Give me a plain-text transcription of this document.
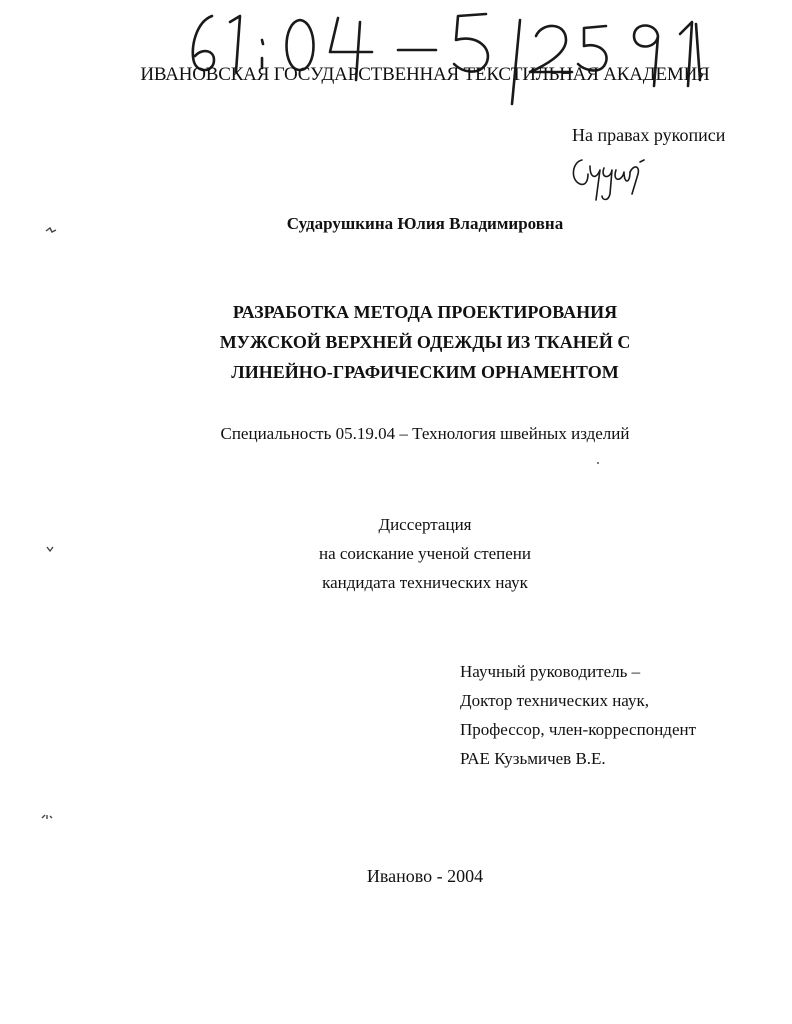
ИВАНОВСКАЯ ГОСУДАРСТВЕННАЯ ТЕКСТИЛЬНАЯ АКАДЕМИЯ
На правах рукописи
Сударушкина Юлия Владимировна
РАЗРАБОТКА МЕТОДА ПРОЕКТИРОВАНИЯ
МУЖСКОЙ ВЕРХНЕЙ ОДЕЖДЫ ИЗ ТКАНЕЙ С
ЛИНЕЙНО-ГРАФИЧЕСКИМ ОРНАМЕНТОМ
Специальность 05.19.04 – Технология швейных изделий
Диссертация
на соискание ученой степени
кандидата технических наук
Научный руководитель –
Доктор технических наук,
Профессор, член-корреспондент
РАЕ Кузьмичев В.Е.
Иваново - 2004
